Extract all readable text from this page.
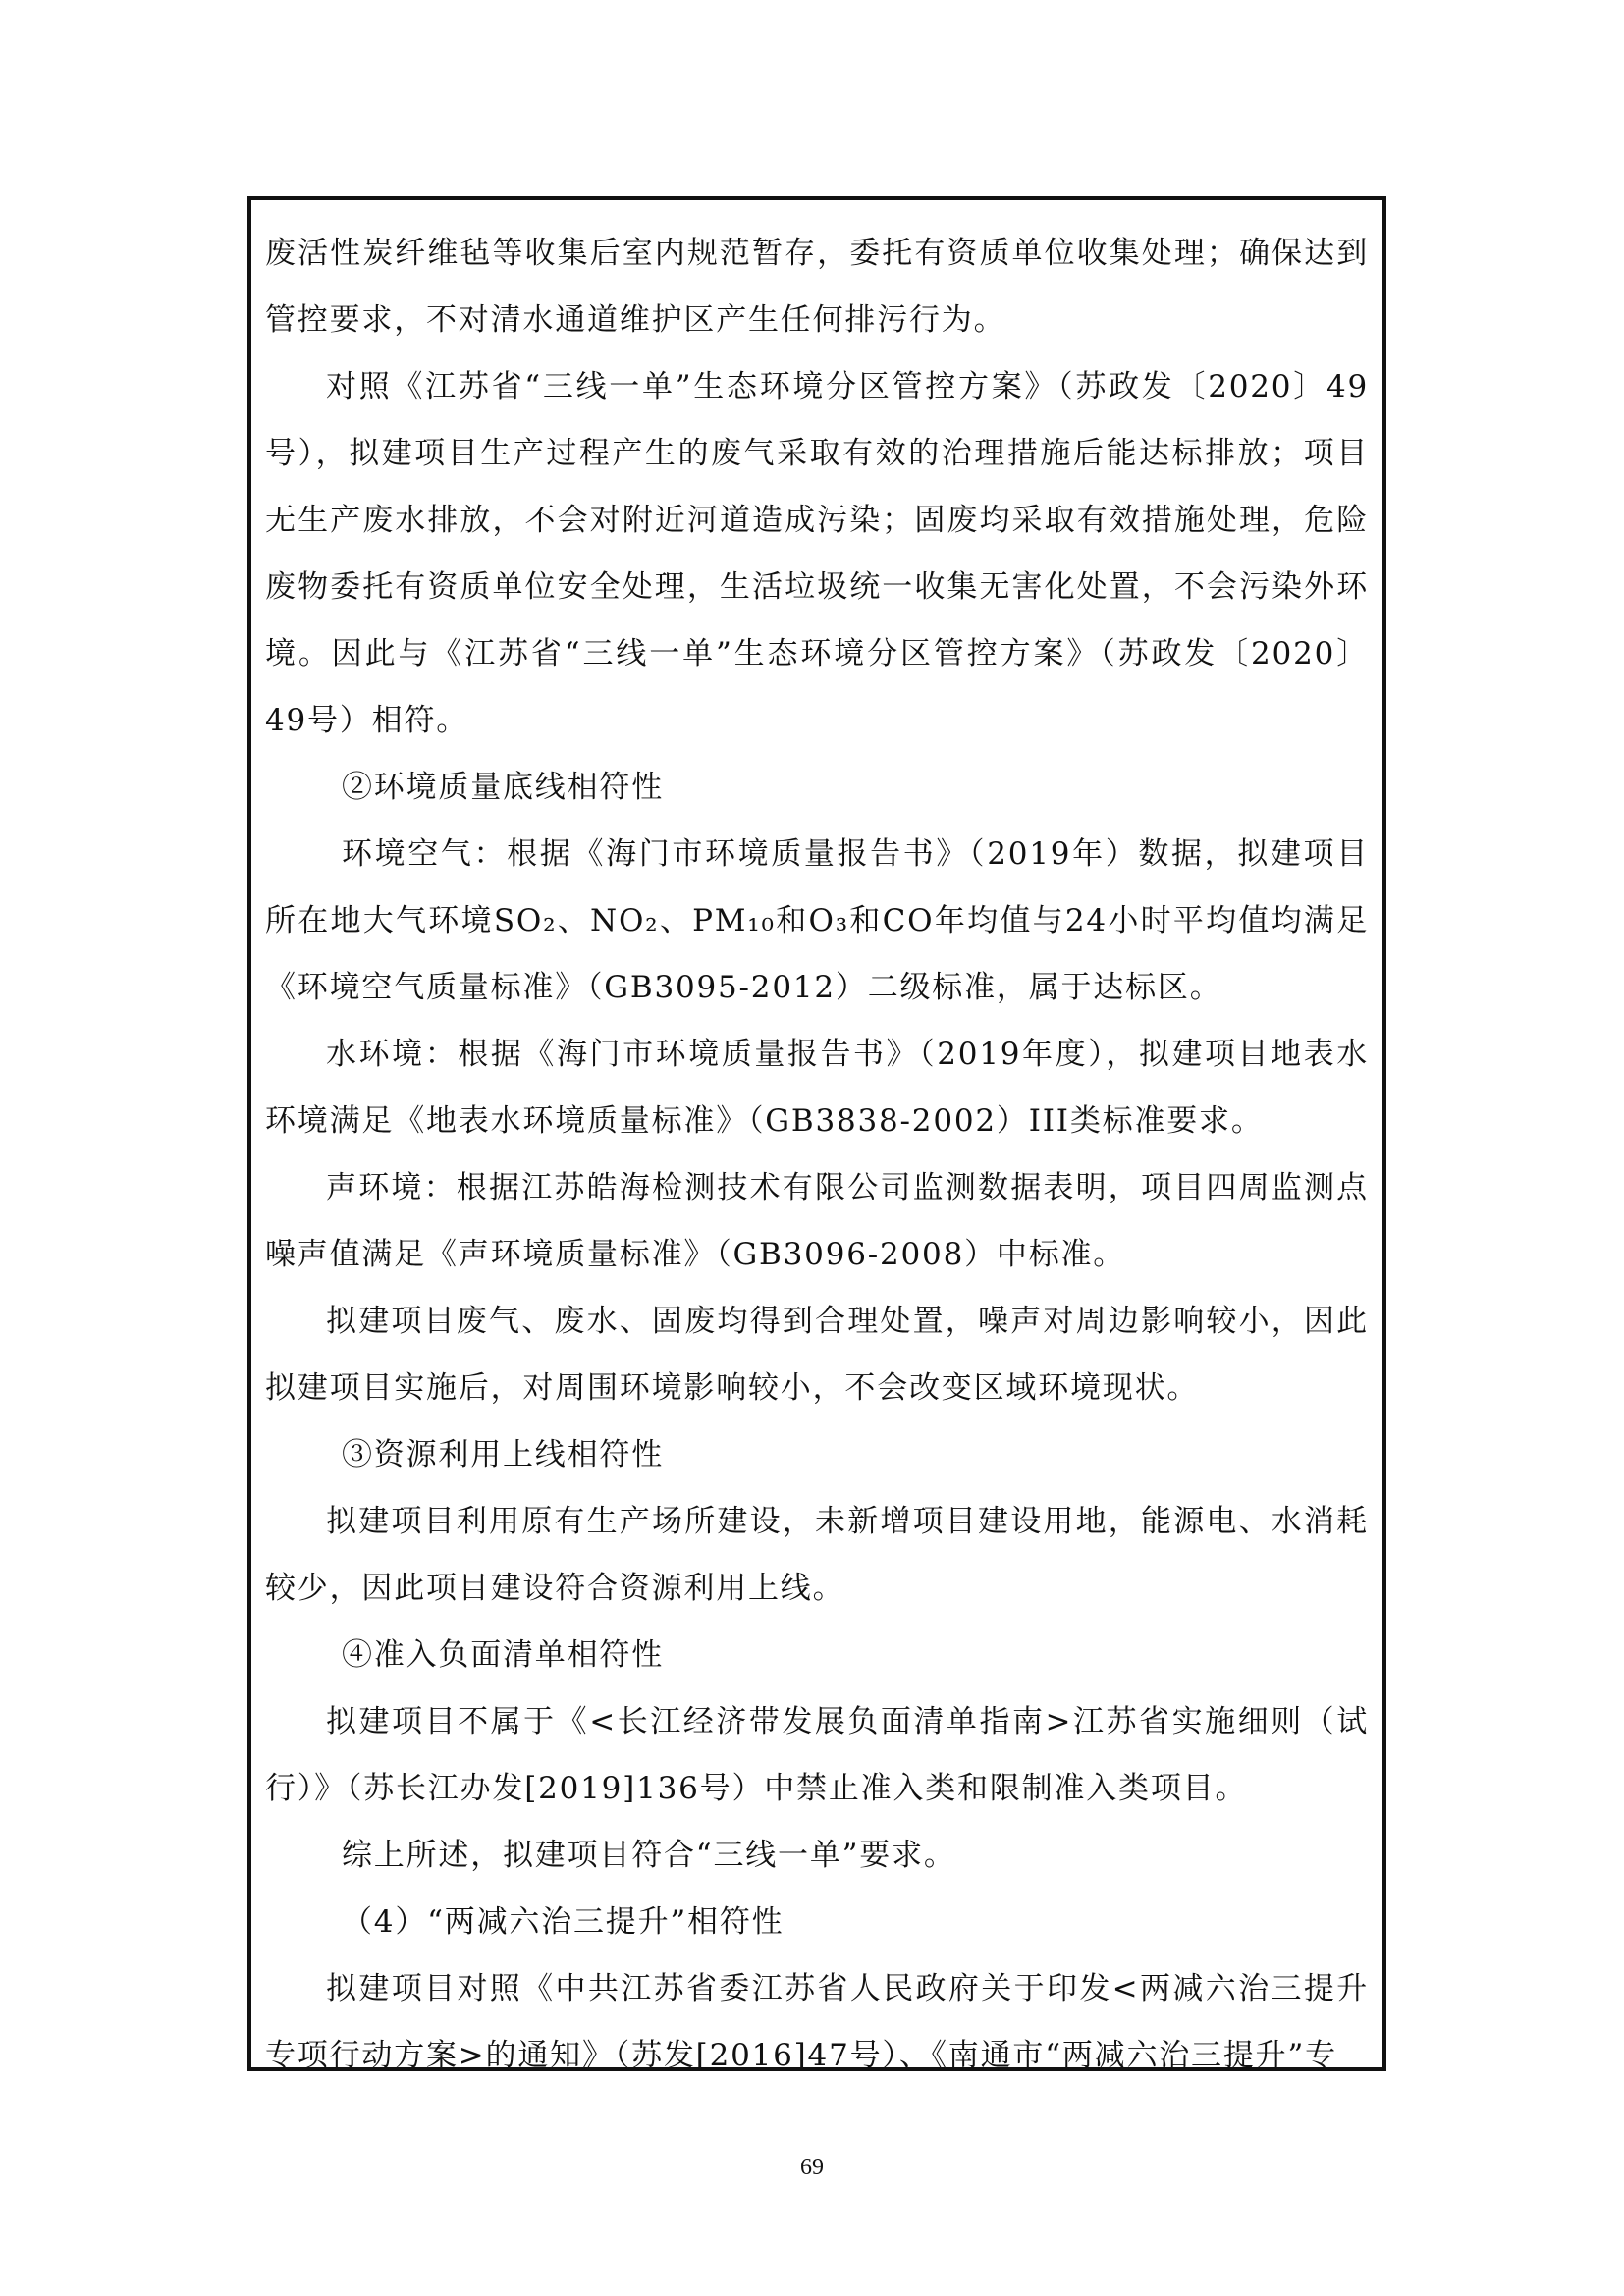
废活性炭纤维毡等收集后室内规范暂存，委托有资质单位收集处理；确保达到管控要求，不对清水通道维护区产生任何排污行为。

对照《江苏省“三线一单”生态环境分区管控方案》（苏政发〔2020〕49号），拟建项目生产过程产生的废气采取有效的治理措施后能达标排放；项目无生产废水排放，不会对附近河道造成污染；固废均采取有效措施处理，危险废物委托有资质单位安全处理，生活垃圾统一收集无害化处置，不会污染外环境。因此与《江苏省“三线一单”生态环境分区管控方案》（苏政发〔2020〕49号）相符。

②环境质量底线相符性

环境空气：根据《海门市环境质量报告书》（2019年）数据，拟建项目所在地大气环境SO₂、NO₂、PM₁₀和O₃和CO年均值与24小时平均值均满足《环境空气质量标准》（GB3095-2012）二级标准，属于达标区。

水环境：根据《海门市环境质量报告书》（2019年度），拟建项目地表水环境满足《地表水环境质量标准》（GB3838-2002）III类标准要求。

声环境：根据江苏皓海检测技术有限公司监测数据表明，项目四周监测点噪声值满足《声环境质量标准》（GB3096-2008）中标准。

拟建项目废气、废水、固废均得到合理处置，噪声对周边影响较小，因此拟建项目实施后，对周围环境影响较小，不会改变区域环境现状。

③资源利用上线相符性

拟建项目利用原有生产场所建设，未新增项目建设用地，能源电、水消耗较少，因此项目建设符合资源利用上线。

④准入负面清单相符性

拟建项目不属于《<长江经济带发展负面清单指南>江苏省实施细则（试行）》（苏长江办发[2019]136号）中禁止准入类和限制准入类项目。

综上所述，拟建项目符合“三线一单”要求。

（4）“两减六治三提升”相符性

拟建项目对照《中共江苏省委江苏省人民政府关于印发<两减六治三提升专项行动方案>的通知》（苏发[2016]47号）、《南通市“两减六治三提升”专

69
